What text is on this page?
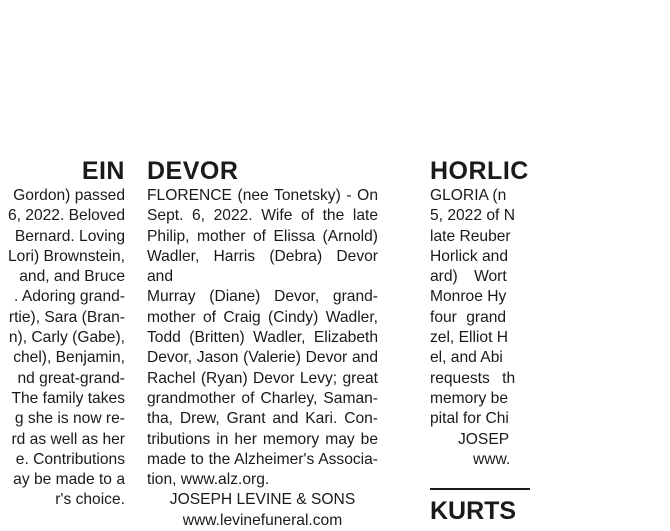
EIN
Gordon) passed
6, 2022. Beloved
Bernard. Loving
Lori) Brownstein,
and, and Bruce
. Adoring grand-
rtie), Sara (Bran-
n), Carly (Gabe),
chel), Benjamin,
nd great-grand-
The family takes
g she is now re-
rd as well as her
e. Contributions
ay be made to a
r's choice.
DEVOR
FLORENCE (nee Tonetsky) - On
Sept. 6, 2022. Wife of the late
Philip, mother of Elissa (Arnold)
Wadler, Harris (Debra) Devor and
Murray (Diane) Devor, grand-
mother of Craig (Cindy) Wadler,
Todd (Britten) Wadler, Elizabeth
Devor, Jason (Valerie) Devor and
Rachel (Ryan) Devor Levy; great
grandmother of Charley, Saman-
tha, Drew, Grant and Kari. Con-
tributions in her memory may be
made to the Alzheimer's Associa-
tion, www.alz.org.
JOSEPH LEVINE & SONS
www.levinefuneral.com
HORLIC
GLORIA (n
5, 2022 of N
late Reuber
Horlick and
ard) Wort
Monroe Hy
four grand
zel, Elliot H
el, and Abi
requests th
memory be
pital for Chi
JOSEP
www.
KURTS
